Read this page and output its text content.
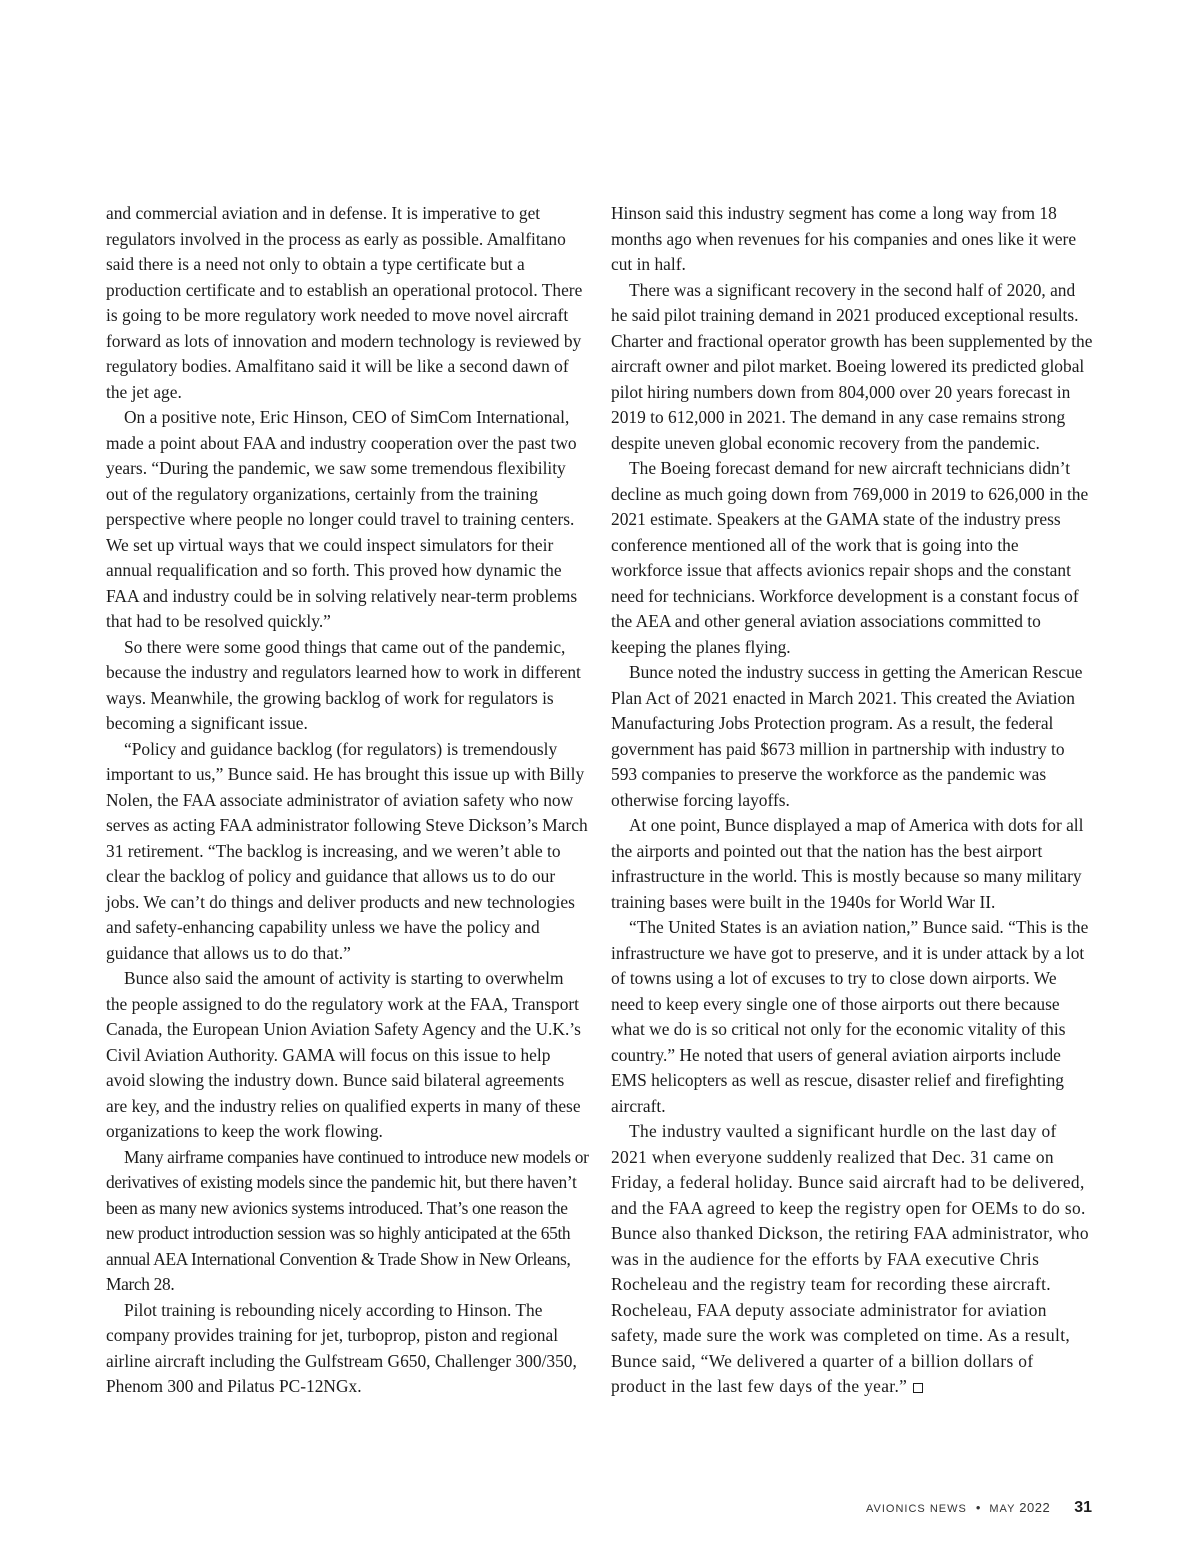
and commercial aviation and in defense. It is imperative to get regulators involved in the process as early as possible. Amalfitano said there is a need not only to obtain a type certificate but a production certificate and to establish an operational protocol. There is going to be more regulatory work needed to move novel aircraft forward as lots of innovation and modern technology is reviewed by regulatory bodies. Amalfitano said it will be like a second dawn of the jet age.

On a positive note, Eric Hinson, CEO of SimCom International, made a point about FAA and industry cooperation over the past two years. “During the pandemic, we saw some tremendous flexibility out of the regulatory organizations, certainly from the training perspective where people no longer could travel to training centers. We set up virtual ways that we could inspect simulators for their annual requalification and so forth. This proved how dynamic the FAA and industry could be in solving relatively near-term problems that had to be resolved quickly.”

So there were some good things that came out of the pandemic, because the industry and regulators learned how to work in different ways. Meanwhile, the growing backlog of work for regulators is becoming a significant issue.

“Policy and guidance backlog (for regulators) is tremendously important to us,” Bunce said. He has brought this issue up with Billy Nolen, the FAA associate administrator of aviation safety who now serves as acting FAA administrator following Steve Dickson’s March 31 retirement. “The backlog is increasing, and we weren’t able to clear the backlog of policy and guidance that allows us to do our jobs. We can’t do things and deliver products and new technologies and safety-enhancing capability unless we have the policy and guidance that allows us to do that.”

Bunce also said the amount of activity is starting to overwhelm the people assigned to do the regulatory work at the FAA, Transport Canada, the European Union Aviation Safety Agency and the U.K.’s Civil Aviation Authority. GAMA will focus on this issue to help avoid slowing the industry down. Bunce said bilateral agreements are key, and the industry relies on qualified experts in many of these organizations to keep the work flowing.

Many airframe companies have continued to introduce new models or derivatives of existing models since the pandemic hit, but there haven’t been as many new avionics systems introduced. That’s one reason the new product introduction session was so highly anticipated at the 65th annual AEA International Convention & Trade Show in New Orleans, March 28.

Pilot training is rebounding nicely according to Hinson. The company provides training for jet, turboprop, piston and regional airline aircraft including the Gulfstream G650, Challenger 300/350, Phenom 300 and Pilatus PC-12NGx.

Hinson said this industry segment has come a long way from 18 months ago when revenues for his companies and ones like it were cut in half.

There was a significant recovery in the second half of 2020, and he said pilot training demand in 2021 produced exceptional results. Charter and fractional operator growth has been supplemented by the aircraft owner and pilot market. Boeing lowered its predicted global pilot hiring numbers down from 804,000 over 20 years forecast in 2019 to 612,000 in 2021. The demand in any case remains strong despite uneven global economic recovery from the pandemic.

The Boeing forecast demand for new aircraft technicians didn’t decline as much going down from 769,000 in 2019 to 626,000 in the 2021 estimate. Speakers at the GAMA state of the industry press conference mentioned all of the work that is going into the workforce issue that affects avionics repair shops and the constant need for technicians. Workforce development is a constant focus of the AEA and other general aviation associations committed to keeping the planes flying.

Bunce noted the industry success in getting the American Rescue Plan Act of 2021 enacted in March 2021. This created the Aviation Manufacturing Jobs Protection program. As a result, the federal government has paid $673 million in partnership with industry to 593 companies to preserve the workforce as the pandemic was otherwise forcing layoffs.

At one point, Bunce displayed a map of America with dots for all the airports and pointed out that the nation has the best airport infrastructure in the world. This is mostly because so many military training bases were built in the 1940s for World War II.

“The United States is an aviation nation,” Bunce said. “This is the infrastructure we have got to preserve, and it is under attack by a lot of towns using a lot of excuses to try to close down airports. We need to keep every single one of those airports out there because what we do is so critical not only for the economic vitality of this country.” He noted that users of general aviation airports include EMS helicopters as well as rescue, disaster relief and firefighting aircraft.

The industry vaulted a significant hurdle on the last day of 2021 when everyone suddenly realized that Dec. 31 came on Friday, a federal holiday. Bunce said aircraft had to be delivered, and the FAA agreed to keep the registry open for OEMs to do so. Bunce also thanked Dickson, the retiring FAA administrator, who was in the audience for the efforts by FAA executive Chris Rocheleau and the registry team for recording these aircraft. Rocheleau, FAA deputy associate administrator for aviation safety, made sure the work was completed on time. As a result, Bunce said, “We delivered a quarter of a billion dollars of product in the last few days of the year.”

AVIONICS NEWS • MAY 2022 31
